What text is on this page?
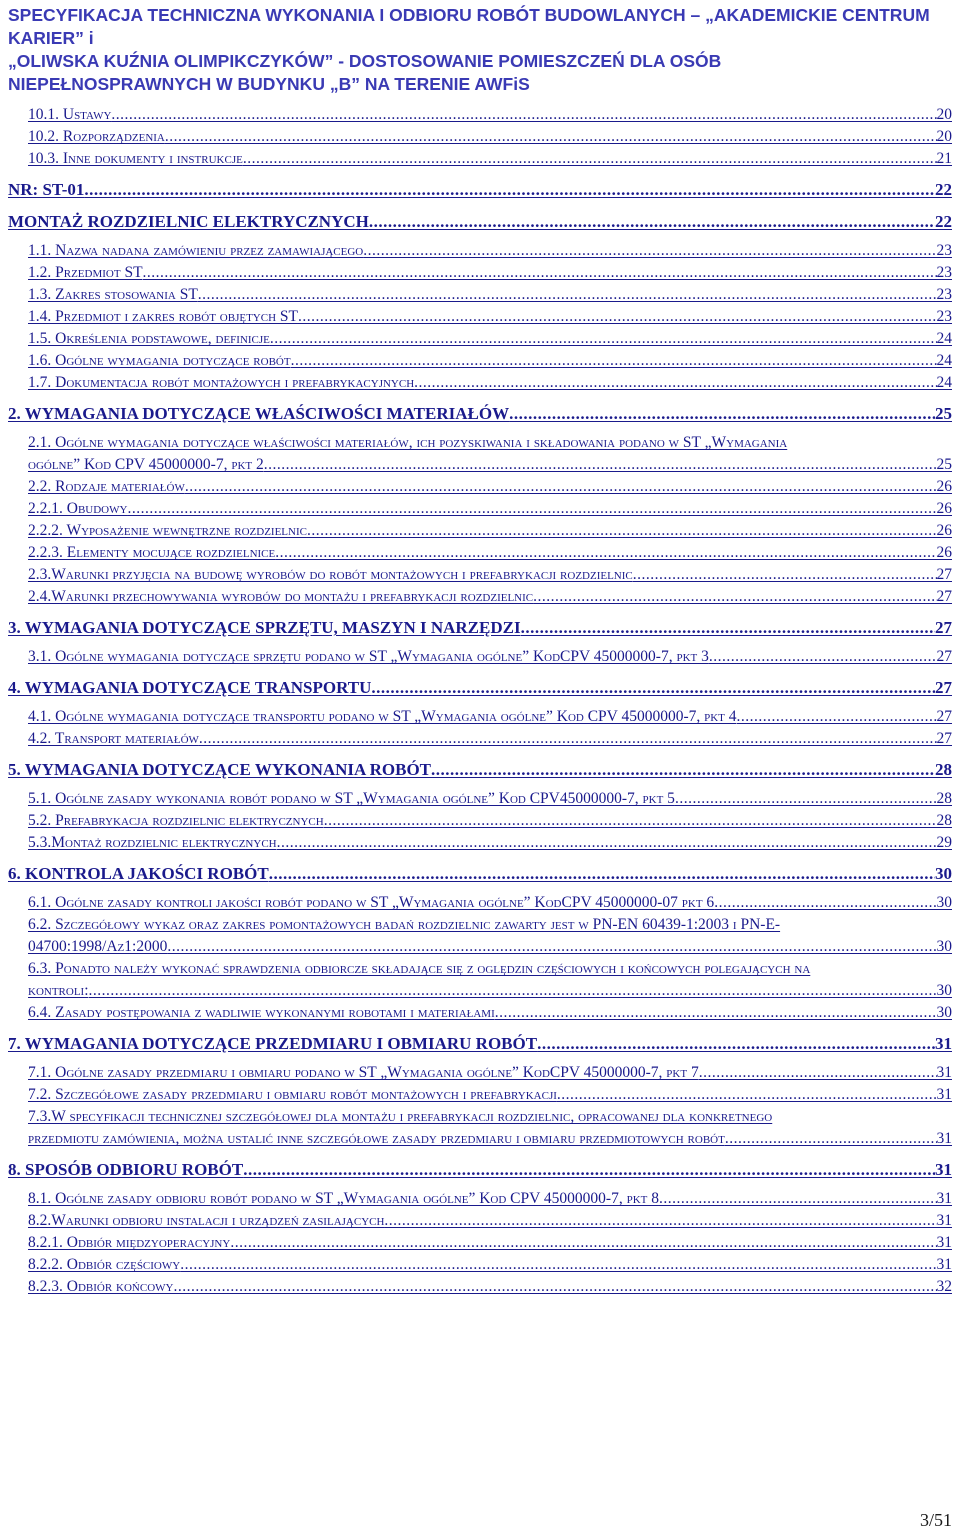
SPECYFIKACJA TECHNICZNA WYKONANIA I ODBIORU ROBÓT BUDOWLANYCH – „AKADEMICKIE CENTRUM KARIER” i
„OLIWSKA KUŹNIA OLIMPIKCZYKÓW” - DOSTOSOWANIE POMIESZCZEŃ DLA OSÓB
NIEPEŁNOSPRAWNYCH W BUDYNKU „B” NA TERENIE AWFiS
10.1. Ustawy .....	20
10.2. Rozporządzenia .....	20
10.3. Inne dokumenty i instrukcje .....	21
NR: ST-01 .....	22
MONTAŻ ROZDZIELNIC ELEKTRYCZNYCH .....	22
1.1. Nazwa nadana zamówieniu przez zamawiającego .....	23
1.2. Przedmiot ST .....	23
1.3. Zakres stosowania ST .....	23
1.4. Przedmiot i zakres robót objętych ST .....	23
1.5. Określenia podstawowe, definicje .....	24
1.6. Ogólne wymagania dotyczące robót .....	24
1.7. Dokumentacja robót montażowych i prefabrykacyjnych .....	24
2. WYMAGANIA DOTYCZĄCE WŁAŚCIWOŚCI MATERIAŁÓW .....	25
2.1. Ogólne wymagania dotyczące właściwości materiałów, ich pozyskiwania i składowania podano w ST „Wymagania
ogólne” Kod CPV 45000000-7, pkt 2 .....	25
2.2. Rodzaje materiałów .....	26
2.2.1. Obudowy .....	26
2.2.2. Wyposażenie wewnętrzne rozdzielnic .....	26
2.2.3. Elementy mocujące rozdzielnice .....	26
2.3.Warunki przyjęcia na budowę wyrobów do robót montażowych i prefabrykacji rozdzielnic .....	27
2.4.Warunki przechowywania wyrobów do montażu i prefabrykacji rozdzielnic .....	27
3. WYMAGANIA DOTYCZĄCE SPRZĘTU, MASZYN I NARZĘDZI .....	27
3.1. Ogólne wymagania dotyczące sprzętu podano w ST „Wymagania ogólne” KodCPV 45000000-7, pkt 3 .....	27
4. WYMAGANIA DOTYCZĄCE TRANSPORTU .....	27
4.1. Ogólne wymagania dotyczące transportu podano w ST „Wymagania ogólne” Kod CPV 45000000-7, pkt 4 .....	27
4.2. Transport materiałów .....	27
5. WYMAGANIA DOTYCZĄCE WYKONANIA ROBÓT .....	28
5.1. Ogólne zasady wykonania robót podano w ST „Wymagania ogólne” Kod CPV45000000-7, pkt 5 .....	28
5.2. Prefabrykacja rozdzielnic elektrycznych .....	28
5.3.Montaż rozdzielnic elektrycznych .....	29
6. KONTROLA JAKOŚCI ROBÓT .....	30
6.1. Ogólne zasady kontroli jakości robót podano w ST „Wymagania ogólne” KodCPV 45000000-07 pkt 6 .....	30
6.2. Szczegółowy wykaz oraz zakres pomontażowych badań rozdzielnic zawarty jest w PN-EN 60439-1:2003 i PN-E-
04700:1998/Az1:2000 .....	30
6.3. Ponadto należy wykonać sprawdzenia odbiorcze składające się z oględzin częściowych i końcowych polegających na
kontroli: .....	30
6.4. Zasady postępowania z wadliwie wykonanymi robotami i materiałami .....	30
7. WYMAGANIA DOTYCZĄCE PRZEDMIARU I OBMIARU ROBÓT .....	31
7.1. Ogólne zasady przedmiaru i obmiaru podano w ST „Wymagania ogólne” KodCPV 45000000-7, pkt 7 .....	31
7.2. Szczegółowe zasady przedmiaru i obmiaru robót montażowych i prefabrykacji .....	31
7.3.W specyfikacji technicznej szczegółowej dla montażu i prefabrykacji rozdzielnic, opracowanej dla konkretnego
przedmiotu zamówienia, można ustalić inne szczegółowe zasady przedmiaru i obmiaru przedmiotowych robót .....	31
8. SPOSÓB ODBIORU ROBÓT .....	31
8.1. Ogólne zasady odbioru robót podano w ST „Wymagania ogólne” Kod CPV 45000000-7, pkt 8 .....	31
8.2.Warunki odbioru instalacji i urządzeń zasilających .....	31
8.2.1. Odbiór międzyoperacyjny .....	31
8.2.2. Odbiór częściowy .....	31
8.2.3. Odbiór końcowy .....	32
3/51
